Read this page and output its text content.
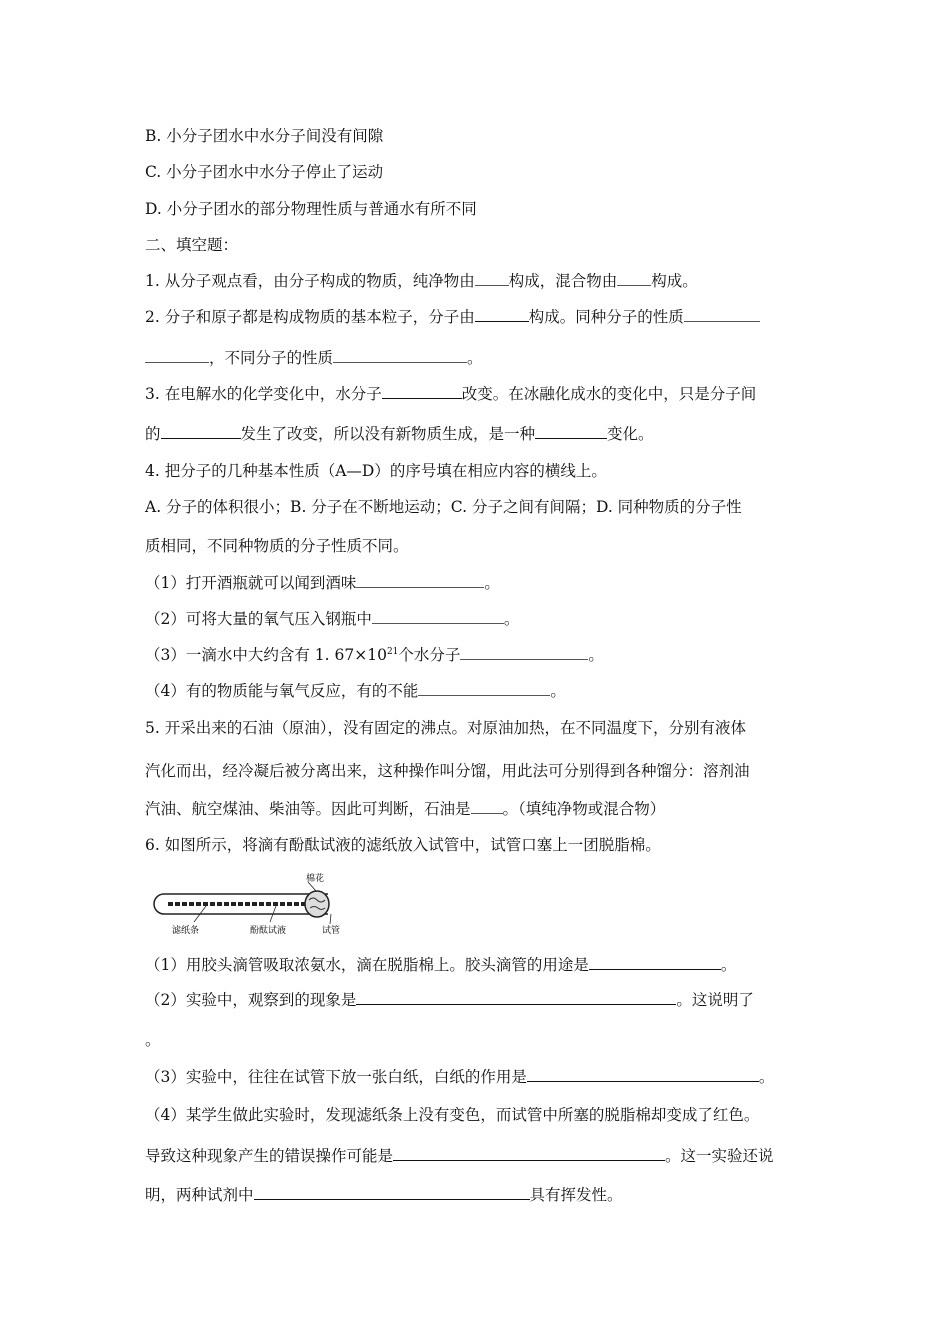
B. 小分子团水中水分子间没有间隙
C. 小分子团水中水分子停止了运动
D. 小分子团水的部分物理性质与普通水有所不同
二、填空题：
1. 从分子观点看，由分子构成的物质，纯净物由 构成，混合物由 构成。
2. 分子和原子都是构成物质的基本粒子，分子由	构成。同种分子的性质
，不同分子的性质	。
3. 在电解水的化学变化中，水分子	改变。在冰融化成水的变化中，只是分子间
的	发生了改变，所以没有新物质生成，是一种	变化。
4. 把分子的几种基本性质（A—D）的序号填在相应内容的横线上。
A. 分子的体积很小；B. 分子在不断地运动；C. 分子之间有间隔；D. 同种物质的分子性
质相同，不同种物质的分子性质不同。
（1）打开酒瓶就可以闻到酒味	。
（2）可将大量的氧气压入钢瓶中	。
（3）一滴水中大约含有 1. $67\times 10^{21}$个水分子	。
（4）有的物质能与氧气反应，有的不能	。
5. 开采出来的石油（原油），没有固定的沸点。对原油加热，在不同温度下，分别有液体
汽化而出，经冷凝后被分离出来，这种操作叫分馏，用此法可分别得到各种馏分：溶剂油
汽油、航空煤油、柴油等。因此可判断，石油是 。（填纯净物或混合物）
6. 如图所示，将滴有酚酞试液的滤纸放入试管中，试管口塞上一团脱脂棉。
棉花
滤纸条	酚酞试液	试管
（1）用胶头滴管吸取浓氨水，滴在脱脂棉上。胶头滴管的用途是	。
（2）实验中，观察到的现象是	。这说明了
。
（3）实验中，往往在试管下放一张白纸，白纸的作用是	。
（4）某学生做此实验时，发现滤纸条上没有变色，而试管中所塞的脱脂棉却变成了红色。
导致这种现象产生的错误操作可能是	。这一实验还说
明，两种试剂中	具有挥发性。
